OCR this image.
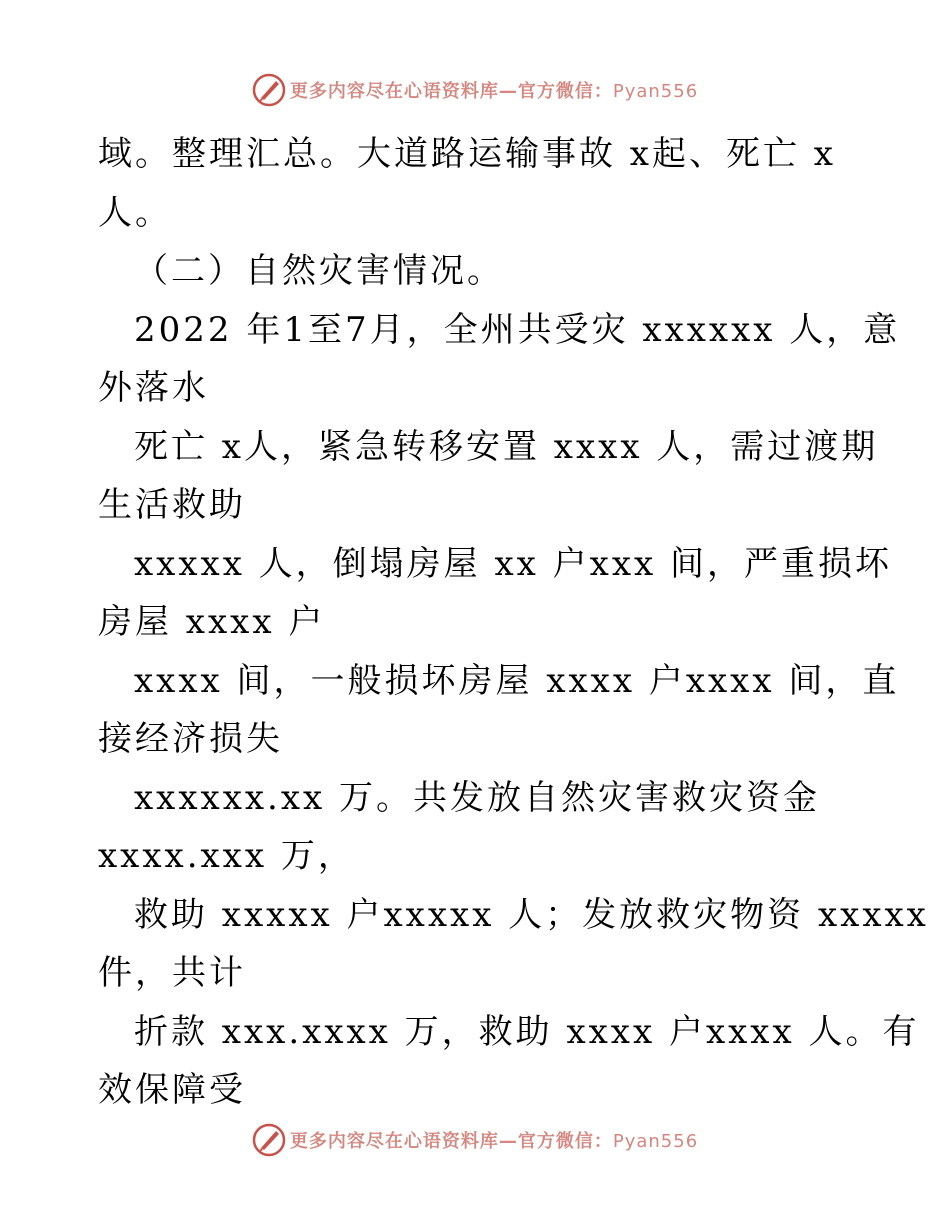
更多内容尽在心语资料库—官方微信：Pyan556
域。整理汇总。大道路运输事故 x起、死亡 x
人。
（二）自然灾害情况。
2022 年1至7月，全州共受灾 xxxxxx 人，意
外落水
死亡 x人，紧急转移安置 xxxx 人，需过渡期
生活救助
xxxxx 人，倒塌房屋 xx 户xxx 间，严重损坏
房屋 xxxx 户
xxxx 间，一般损坏房屋 xxxx 户xxxx 间，直
接经济损失
xxxxxx.xx 万。共发放自然灾害救灾资金
xxxx.xxx 万，
救助 xxxxx 户xxxxx 人；发放救灾物资 xxxxx
件，共计
折款 xxx.xxxx 万，救助 xxxx 户xxxx 人。有
效保障受
更多内容尽在心语资料库—官方微信：Pyan556
